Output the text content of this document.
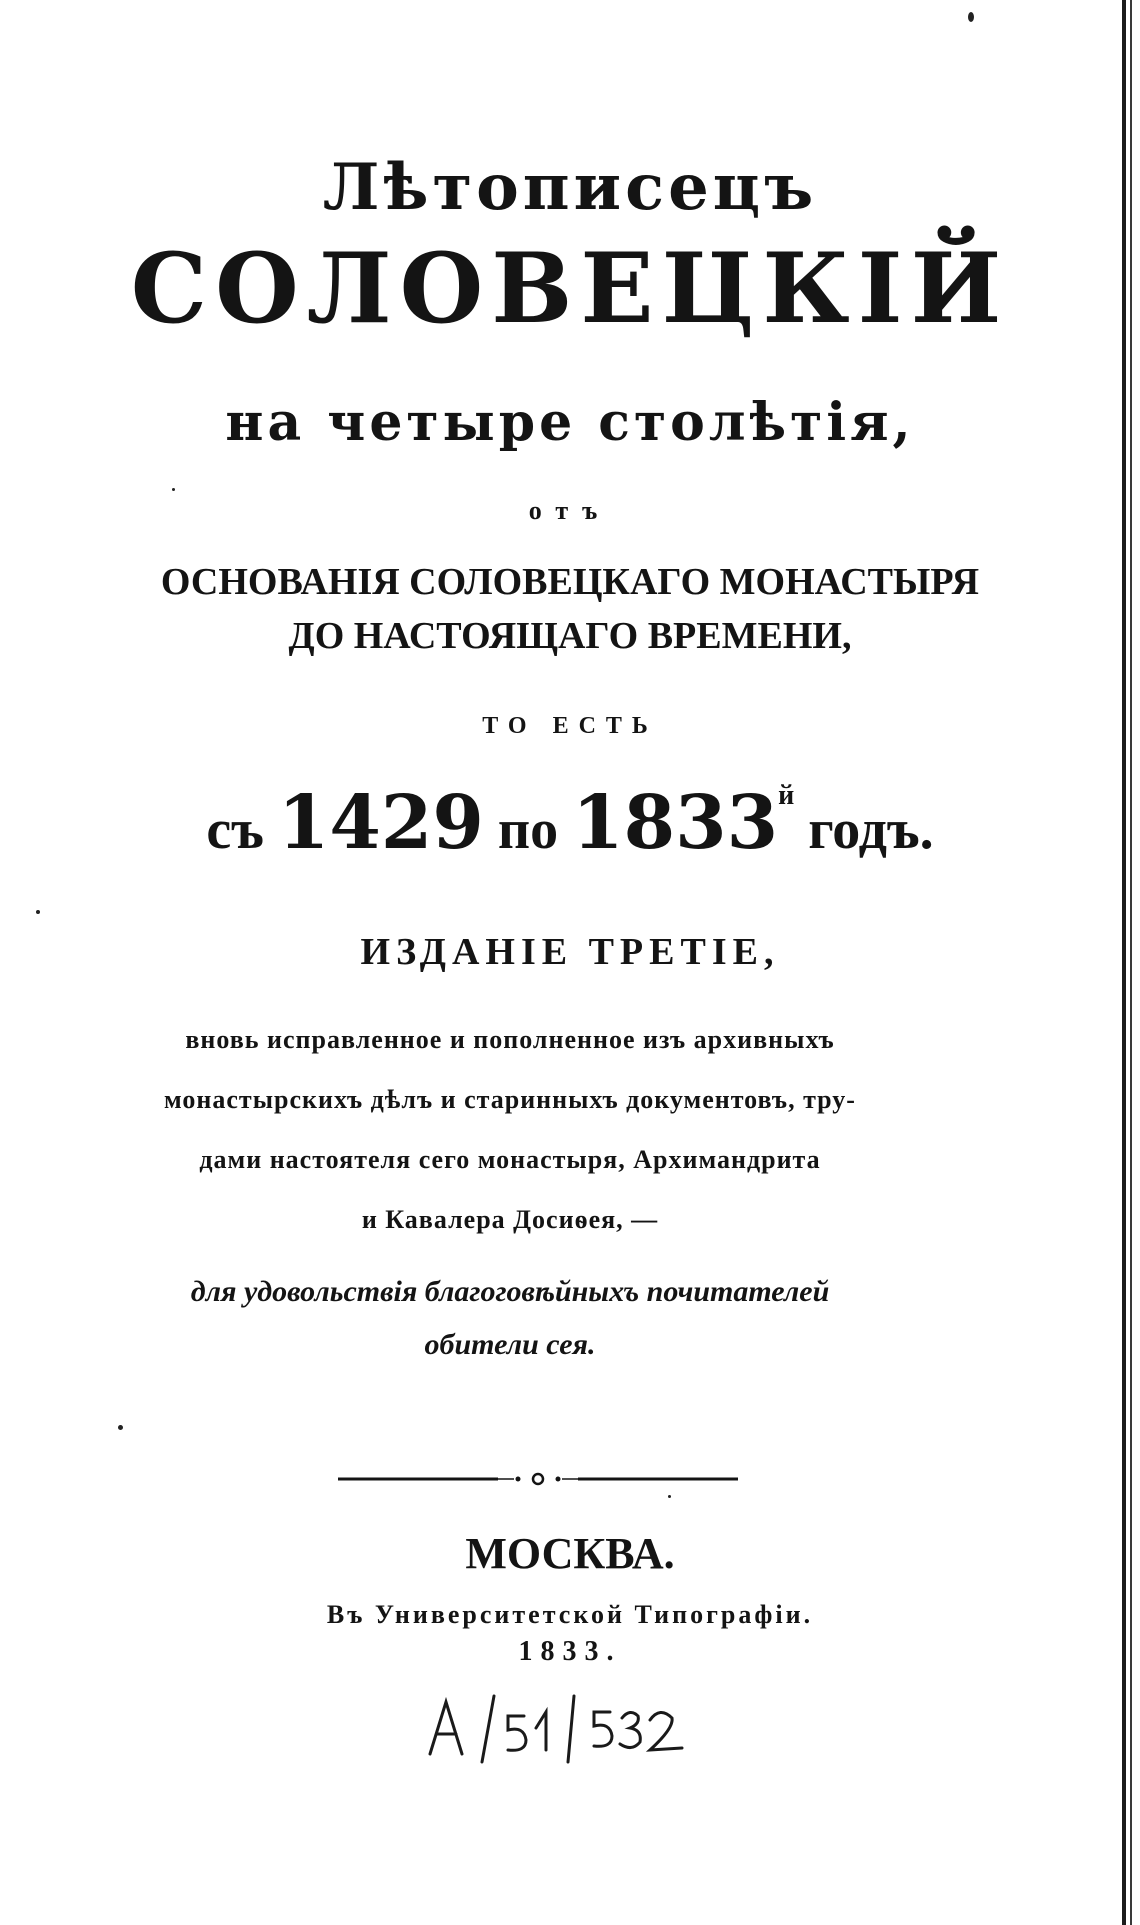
Лѣтописецъ
СОЛОВЕЦКІЙ
на четыре столѣтія,
отъ
ОСНОВАНІЯ СОЛОВЕЦКАГО МОНАСТЫРЯ
ДО НАСТОЯЩАГО ВРЕМЕНИ,
ТО ЕСТЬ
съ 1429 по $1833^й$ годъ.
ИЗДАНІЕ ТРЕТІЕ,
вновь исправленное и пополненное изъ архивныхъ
монастырскихъ дѣлъ и старинныхъ документовъ, тру-
дами настоятеля сего монастыря, Архимандрита
и Кавалера Досиѳея, —
для удовольствія благоговѣйныхъ почитателей
обители сея.
МОСКВА.
Въ Университетской Типографіи.
1833.
